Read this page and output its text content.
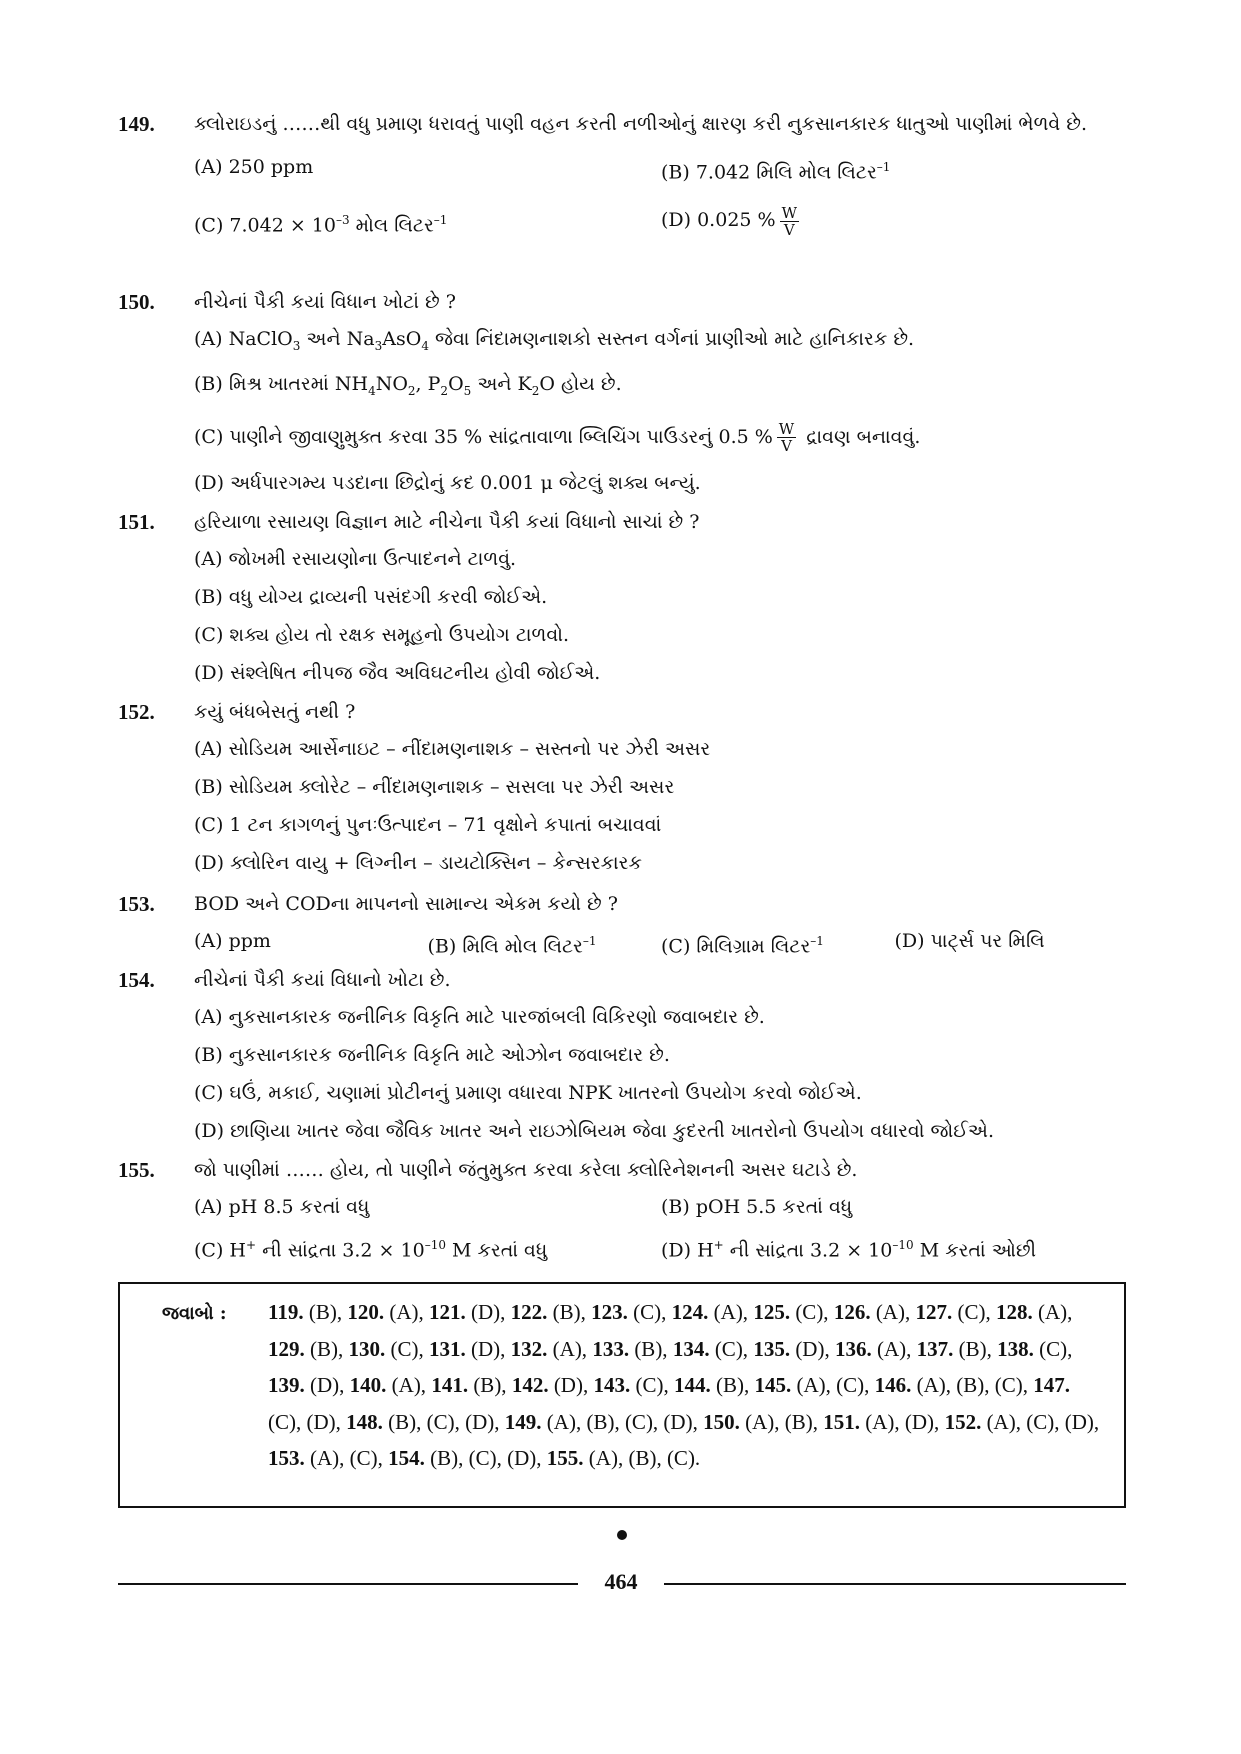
149.	ક્લોરાઇડનું ……થી વધુ પ્રમાણ ધરાવતું પાણી વહન કરતી નળીઓનું ક્ષારણ કરી નુકસાનકારક ધાતુઓ પાણીમાં ભેળવે છે.
(A) 250 ppm	(B) 7.042 મિલિ મોલ લિટર$^{-1}$
(C) $7.042 \times 10^{-3}$ મોલ લિટર$^{-1}$	(D) 0.025 % $\frac{W}{V}$
150.	નીચેનાં પૈકી કયાં વિધાન ખોટાં છે ?
(A) NaClO$_3$ અને $Na_3AsO_4$ જેવા નિંદામણનાશકો સસ્તન વર્ગનાં પ્રાણીઓ માટે હાનિકારક છે.
(B) મિશ્ર ખાતરમાં $NH_4NO_2$, $P_2O_5$ અને $K_2O$ હોય છે.
(C) પાણીને જીવાણુમુક્ત કરવા 35 % સાંદ્રતાવાળા બ્લિચિંગ પાઉડરનું 0.5 % $\frac{W}{V}$ દ્રાવણ બનાવવું.
(D) અર્ધપારગમ્ય પડદાના છિદ્રોનું કદ 0.001 μ જેટલું શક્ય બન્યું.
151.	હરિયાળા રસાયણ વિજ્ઞાન માટે નીચેના પૈકી કયાં વિધાનો સાચાં છે ?
(A) જોખમી રસાયણોના ઉત્પાદનને ટાળવું.
(B) વધુ યોગ્ય દ્રાવ્યની પસંદગી કરવી જોઈએ.
(C) શક્ય હોય તો રક્ષક સમૂહનો ઉપયોગ ટાળવો.
(D) સંશ્લેષિત નીપજ જૈવ અવિઘટનીય હોવી જોઈએ.
152.	કયું બંધબેસતું નથી ?
(A) સોડિયમ આર્સેનાઇટ – નીંદામણનાશક – સસ્તનો પર ઝેરી અસર
(B) સોડિયમ ક્લોરેટ – નીંદામણનાશક – સસલા પર ઝેરી અસર
(C) 1 ટન કાગળનું પુનઃઉત્પાદન – 71 વૃક્ષોને કપાતાં બચાવવાં
(D) ક્લોરિન વાયુ + લિગ્નીન – ડાયટોક્સિન – કેન્સરકારક
153.	BOD અને CODના માપનનો સામાન્ય એકમ કયો છે ?
(A) ppm	(B) મિલિ મોલ લિટર$^{-1}$	(C) મિલિગ્રામ લિટર$^{-1}$	(D) પાર્ટ્સ પર મિલિ
154.	નીચેનાં પૈકી કયાં વિધાનો ખોટા છે.
(A) નુકસાનકારક જનીનિક વિકૃતિ માટે પારજાંબલી વિકિરણો જવાબદાર છે.
(B) નુકસાનકારક જનીનિક વિકૃતિ માટે ઓઝોન જવાબદાર છે.
(C) ઘઉં, મકાઈ, ચણામાં પ્રોટીનનું પ્રમાણ વધારવા NPK ખાતરનો ઉપયોગ કરવો જોઈએ.
(D) છાણિયા ખાતર જેવા જૈવિક ખાતર અને રાઇઝોબિયમ જેવા કુદરતી ખાતરોનો ઉપયોગ વધારવો જોઈએ.
155.	જો પાણીમાં …… હોય, તો પાણીને જંતુમુક્ત કરવા કરેલા ક્લોરિનેશનની અસર ઘટાડે છે.
(A) pH 8.5 કરતાં વધુ	(B) pOH 5.5 કરતાં વધુ
(C) H+ ની સાંદ્રતા $3.2 \times 10^{-10}$ M કરતાં વધુ	(D) H+ ની સાંદ્રતા $3.2 \times 10^{-10}$ M કરતાં ઓછી
જવાબો : 119. (B), 120. (A), 121. (D), 122. (B), 123. (C), 124. (A), 125. (C), 126. (A), 127. (C), 128. (A), 129. (B), 130. (C), 131. (D), 132. (A), 133. (B), 134. (C), 135. (D), 136. (A), 137. (B), 138. (C), 139. (D), 140. (A), 141. (B), 142. (D), 143. (C), 144. (B), 145. (A), (C), 146. (A), (B), (C), 147. (C), (D), 148. (B), (C), (D), 149. (A), (B), (C), (D), 150. (A), (B), 151. (A), (D), 152. (A), (C), (D), 153. (A), (C), 154. (B), (C), (D), 155. (A), (B), (C).
464
